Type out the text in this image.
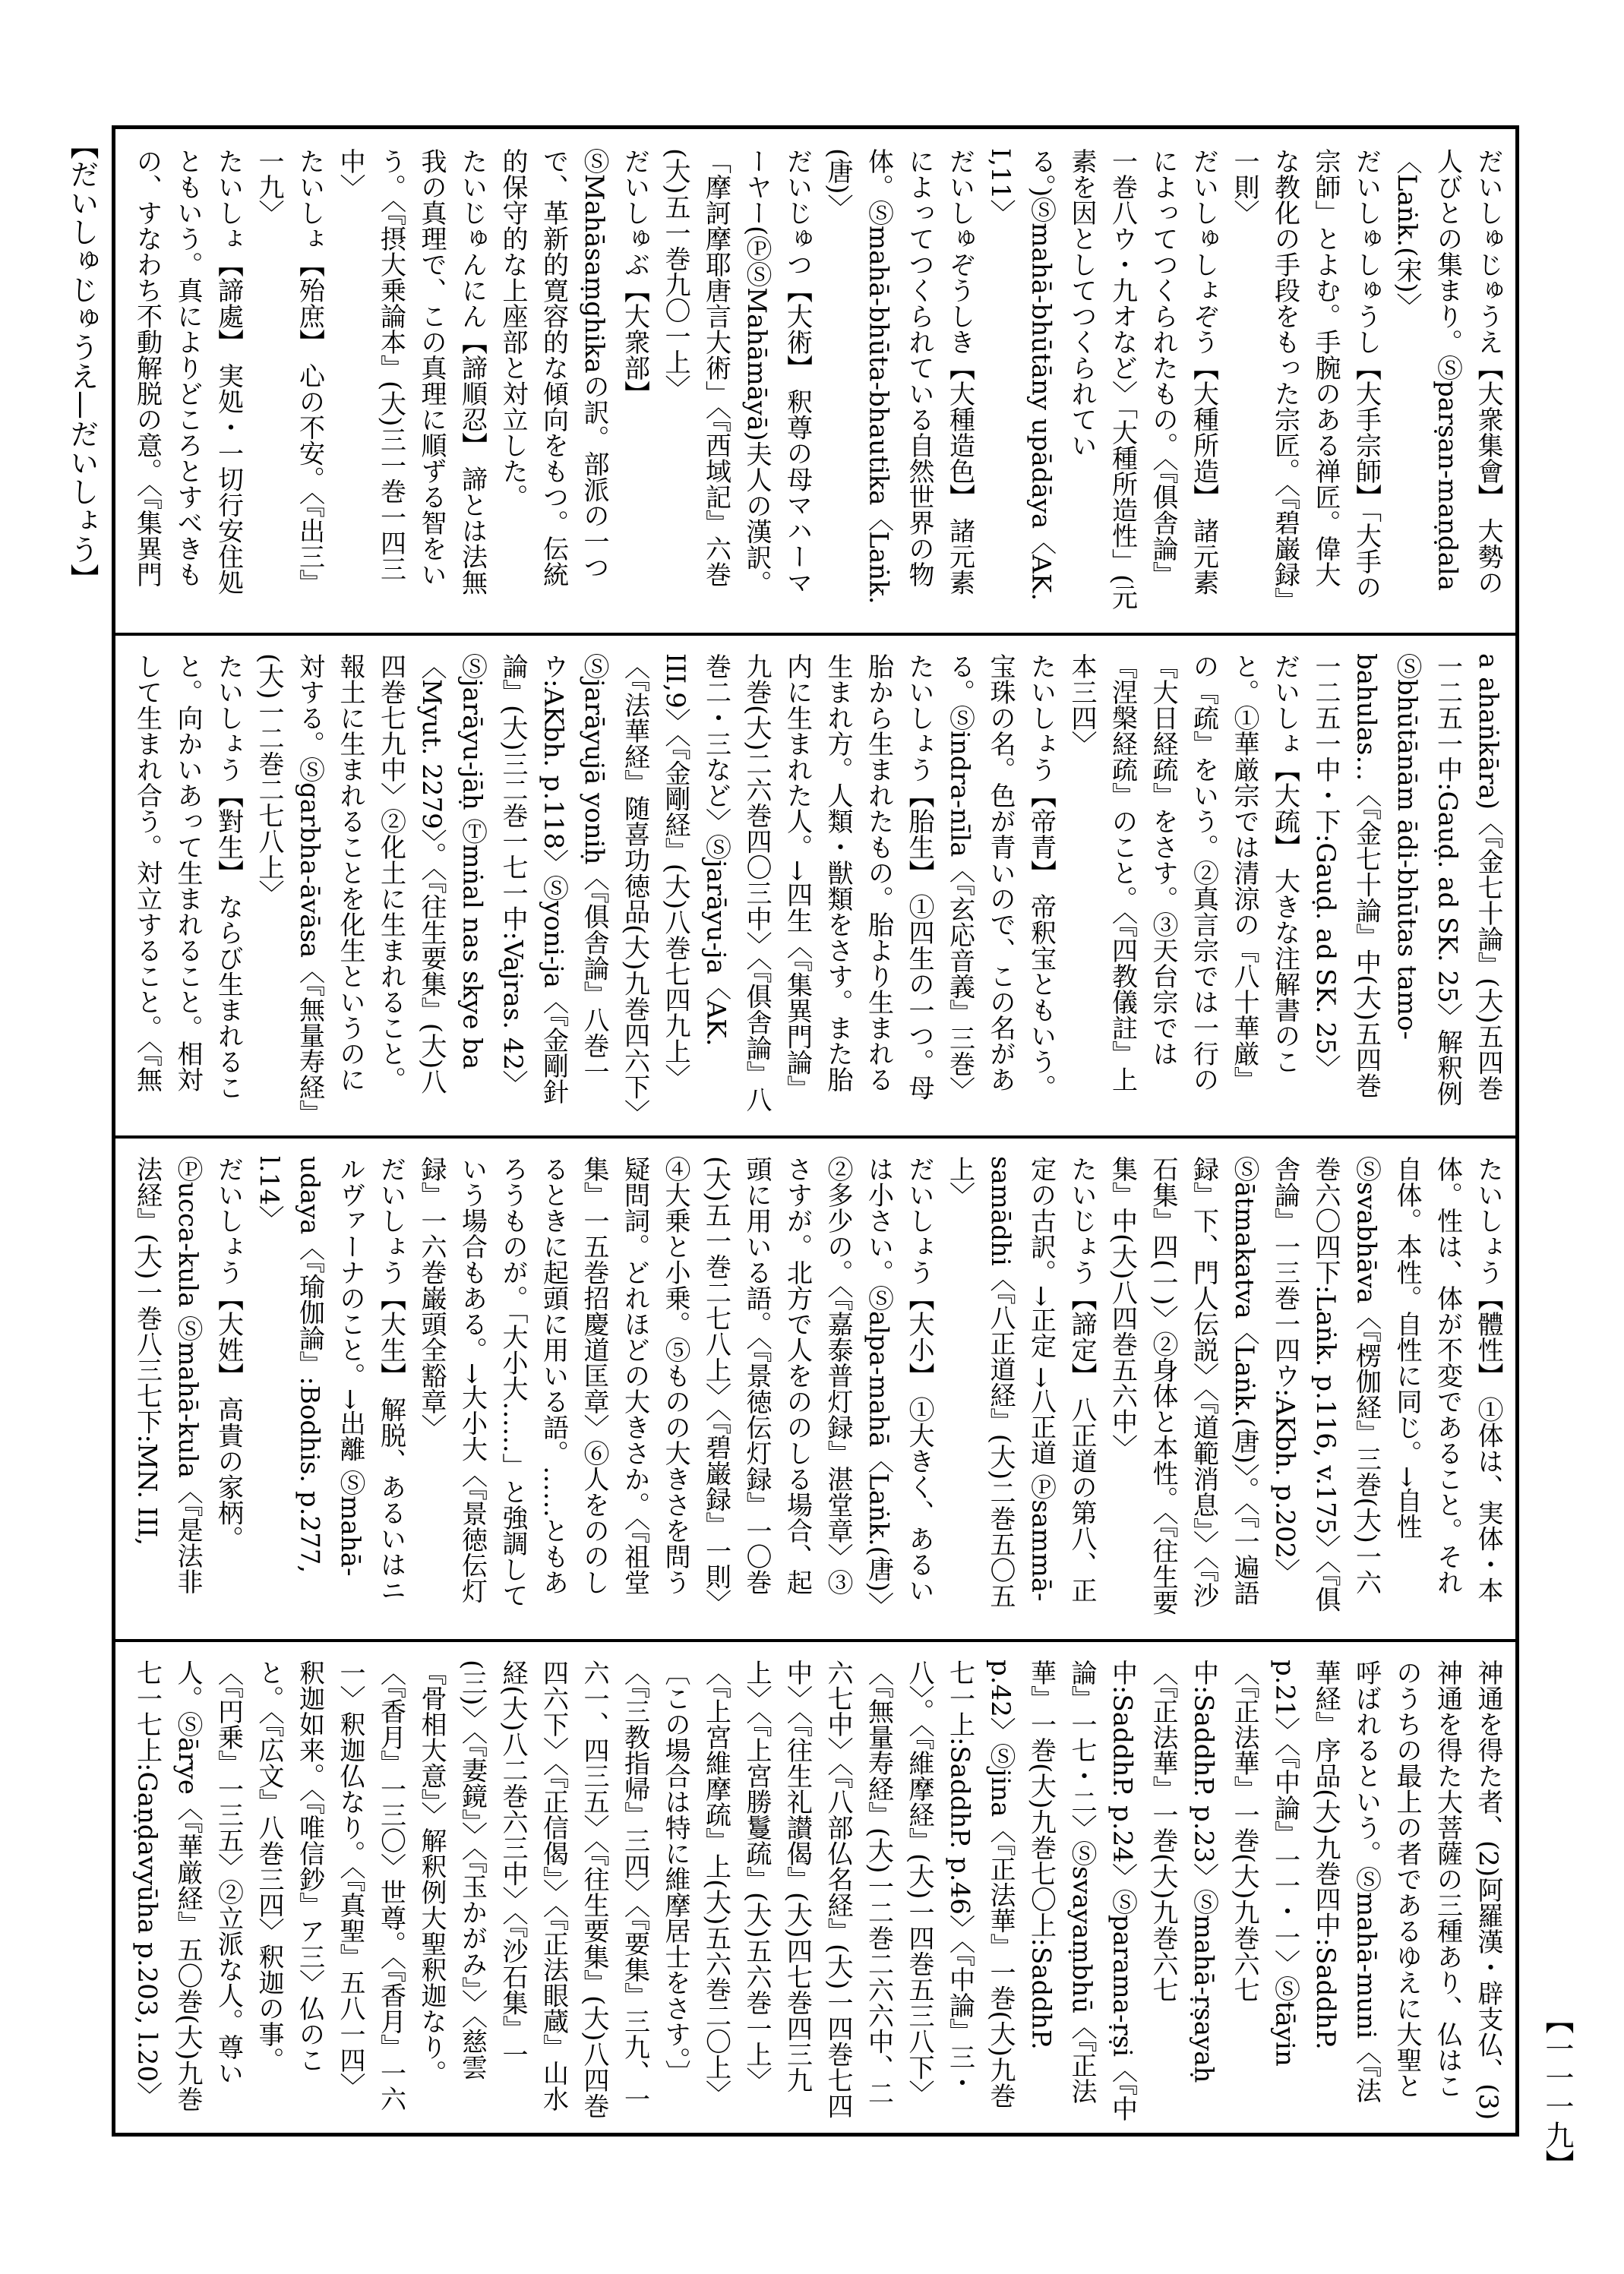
【だいしゅじゅうえ—だいしょう】
【一一一九】

だいしゅじゅうえ【大衆集會】 大勢の人びとの集まり。Ⓢparṣan-maṇḍala〈Laṅk.(宋)〉

だいしゅしゅうし【大手宗師】「大手の宗師」とよむ。手腕のある禅匠。偉大な教化の手段をもった宗匠。〈『碧巌録』一則〉

だいしゅしょぞう【大種所造】 諸元素によってつくられたもの。〈『俱舎論』一巻八ウ・九オなど〉「大種所造性」(元素を因としてつくられている。)Ⓢmahā-bhūtāny upādāya〈AK. I,11〉

だいしゅぞうしき【大種造色】 諸元素によってつくられている自然世界の物体。Ⓢmahā-bhūta-bhautika〈Laṅk.(唐)〉

だいじゅつ【大術】 釈尊の母マハーマーヤー(ⓅⓈMahāmāyā)夫人の漢訳。「摩訶摩耶唐言大術」〈『西域記』六巻(大)五一巻九〇一上〉

だいしゅぶ【大衆部】 ⓈMahāsaṃghikaの訳。部派の一つで、革新的寛容的な傾向をもつ。伝統的保守的な上座部と対立した。

たいじゅんにん【諦順忍】 諦とは法無我の真理で、この真理に順ずる智をいう。〈『摂大乗論本』(大)三一巻一四三中〉

たいしょ【殆庶】 心の不安。〈『出三』一九〉

たいしょ【諦處】 実処・一切行安住処ともいう。真によりどころとすべきもの、すなわち不動解脱の意。〈『集異門

a ahaṅkāra)〈『金七十論』(大)五四巻一二五一中:Gauḍ. ad SK. 25〉解釈例Ⓢbhūtānām ādi-bhūtas tamo-bahulas…〈『金七十論』中(大)五四巻一二五一中・下:Gauḍ. ad SK. 25〉

だいしょ【大疏】 大きな注解書のこと。①華厳宗では清涼の『八十華厳』の『疏』をいう。②真言宗では一行の『大日経疏』をさす。③天台宗では『涅槃経疏』のこと。〈『四教儀註』上本三四〉

たいしょう【帝青】 帝釈宝ともいう。宝珠の名。色が青いので、この名がある。Ⓢindra-nīla〈『玄応音義』三巻〉

たいしょう【胎生】 ①四生の一つ。母胎から生まれたもの。胎より生まれる生まれ方。人類・獣類をさす。また胎内に生まれた人。→四生〈『集異門論』九巻(大)二六巻四〇三中〉〈『俱舎論』八巻二・三など〉Ⓢjarāyu-ja〈AK. III,9〉〈『金剛経』(大)八巻七四九上〉〈『法華経』随喜功徳品(大)九巻四六下〉Ⓢjarāyujā yoniḥ〈『俱舎論』八巻一ウ:AKbh. p.118〉Ⓢyoni-ja〈『金剛針論』(大)三二巻一七一中:Vajras. 42〉Ⓢjarāyu-jāḥ Ⓣmṅal nas skye ba〈Myut. 2279〉。〈『往生要集』(大)八四巻七九中〉②化土に生まれること。報土に生まれることを化生というのに対する。Ⓢgarbha-āvāsa〈『無量寿経』(大)一二巻二七八上〉

たいしょう【對生】 ならび生まれること。向かいあって生まれること。相対して生まれ合う。対立すること。〈『無

たいしょう【體性】 ①体は、実体・本体。性は、体が不変であること。それ自体。本性。自性に同じ。→自性 Ⓢsvabhāva〈『楞伽経』三巻(大)一六巻六〇四下:Laṅk. p.116, v.175〉〈『俱舎論』一三巻一四ウ:AKbh. p.202〉Ⓢātmakatva〈Laṅk.(唐)〉。〈『一遍語録』下、門人伝説〉〈『道範消息』〉〈『沙石集』四(一)〉②身体と本性。〈『往生要集』中(大)八四巻五六中〉

たいじょう【諦定】 八正道の第八、正定の古訳。→正定 →八正道 Ⓟsammā-samādhi〈『八正道経』(大)二巻五〇五上〉

だいしょう【大小】 ①大きく、あるいは小さい。Ⓢalpa-mahā〈Laṅk.(唐)〉②多少の。〈『嘉泰普灯録』湛堂章〉③さすが。北方で人をののしる場合、起頭に用いる語。〈『景徳伝灯録』一〇巻(大)五一巻二七八上〉〈『碧巌録』一則〉④大乗と小乗。⑤ものの大きさを問う疑問詞。どれほどの大きさか。〈『祖堂集』一五巻招慶道匡章〉⑥人をののしるときに起頭に用いる語。……ともあろうものが。「大小大……」と強調していう場合もある。→大小大〈『景徳伝灯録』一六巻巌頭全豁章〉

だいしょう【大生】 解脱、あるいはニルヴァーナのこと。→出離 Ⓢmahā-udaya〈『瑜伽論』:Bodhis. p.277, l.14〉

だいしょう【大姓】 高貴の家柄。Ⓟucca-kula Ⓢmahā-kula〈『是法非法経』(大)一巻八三七下:MN. III,

神通を得た者、(2)阿羅漢・辟支仏、(3)神通を得た大菩薩の三種あり、仏はこのうちの最上の者であるゆえに大聖と呼ばれるという。Ⓢmahā-muni〈『法華経』序品(大)九巻四中:SaddhP. p.21〉〈『中論』一一・一〉Ⓢtāyin〈『正法華』一巻(大)九巻六七中:SaddhP. p.23〉Ⓢmahā-ṛṣayaḥ〈『正法華』一巻(大)九巻六七中:SaddhP. p.24〉Ⓢparama-ṛṣi〈『中論』一七・二〉Ⓢsvayaṃbhū〈『正法華』一巻(大)九巻七〇上:SaddhP. p.42〉Ⓢjina〈『正法華』一巻(大)九巻七一上:SaddhP. p.46〉〈『中論』三・八〉。〈『維摩経』(大)一四巻五三八下〉〈『無量寿経』(大)一二巻二六六中、二六七中〉〈『八部仏名経』(大)一四巻七四中〉〈『往生礼讃偈』(大)四七巻四三九上〉〈『上宮勝鬘疏』(大)五六巻一上〉〈『上宮維摩疏』上(大)五六巻二〇上〉〔この場合は特に維摩居士をさす。〕〈『三教指帰』三四〉〈『要集』三九、一六一、四三五〉〈『往生要集』(大)八四巻四六下〉〈『正信偈』〉〈『正法眼蔵』山水経(大)八二巻六三中〉〈『沙石集』一(三)〉〈『妻鏡』〉〈『玉かがみ』〉〈慈雲『骨相大意』〉解釈例大聖釈迦なり。〈『香月』一三〇〉世尊。〈『香月』一六一〉釈迦仏なり。〈『真聖』五八一四〉釈迦如来。〈『唯信鈔』ア三〉仏のこと。〈『広文』八巻三四〉釈迦の事。〈『円乗』一三五〉②立派な人。尊い人。Ⓢārye〈『華厳経』五〇巻(大)九巻七一七上:Gaṇḍavyūha p.203, l.20〉
